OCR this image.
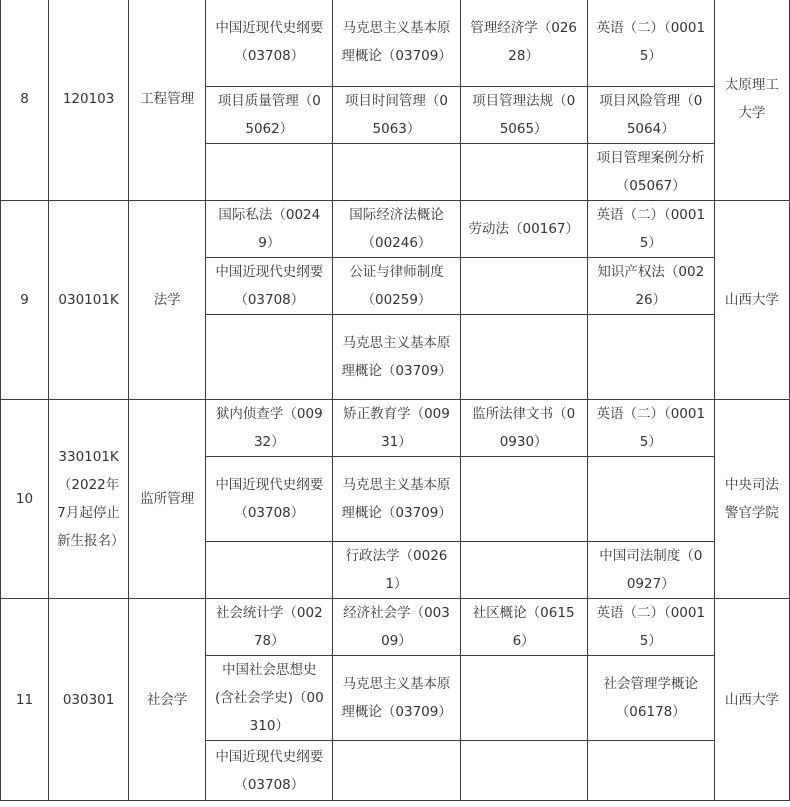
8	120103	工程管理	中国近现代史纲要（03708）	马克思主义基本原理概论（03709）	管理经济学（02628）	英语（二）（00015）	太原理工大学

			项目质量管理（05062）	项目时间管理（05063）	项目管理法规（05065）	项目风险管理（05064）	

						项目管理案例分析（05067）	

9	030101K	法学	国际私法（00249）	国际经济法概论（00246）	劳动法（00167）	英语（二）（00015）	山西大学

			中国近现代史纲要（03708）	公证与律师制度（00259）		知识产权法（00226）	

				马克思主义基本原理概论（03709）			

10	330101K（2022年7月起停止新生报名）	监所管理	狱内侦查学（00932）	矫正教育学（00931）	监所法律文书（00930）	英语（二）（00015）	中央司法警官学院

			中国近现代史纲要（03708）	马克思主义基本原理概论（03709）			

				行政法学（00261）		中国司法制度（00927）	

11	030301	社会学	社会统计学（00278）	经济社会学（00309）	社区概论（06156）	英语（二）（00015）	山西大学

			中国社会思想史(含社会学史)（00310）	马克思主义基本原理概论（03709）		社会管理学概论（06178）	

			中国近现代史纲要（03708）				
